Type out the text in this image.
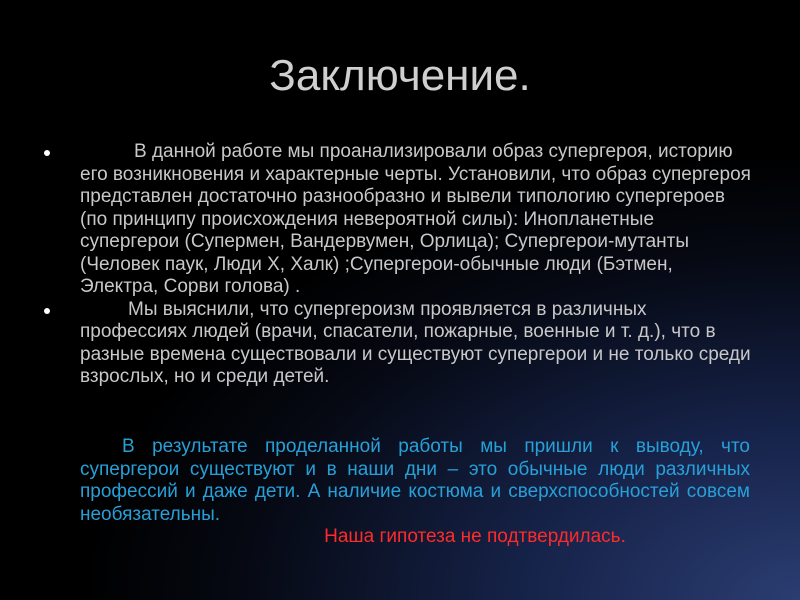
Заключение.
В данной работе мы проанализировали образ супергероя, историю его возникновения и характерные черты. Установили, что образ супергероя представлен достаточно разнообразно и вывели типологию супергероев (по принципу происхождения невероятной силы): Инопланетные супергерои (Супермен, Вандервумен, Орлица); Супергерои-мутанты (Человек паук, Люди Х, Халк) ;Супергерои-обычные люди (Бэтмен, Электра, Сорви голова) .
Мы выяснили, что супергероизм проявляется в различных профессиях людей (врачи, спасатели, пожарные, военные и т. д.), что в разные времена существовали и существуют супергерои и не только среди взрослых, но и среди детей.
В результате проделанной работы мы пришли к выводу, что супергерои существуют и в наши дни – это обычные люди различных профессий и даже дети. А наличие костюма и сверхспособностей совсем необязательны.
Наша гипотеза не подтвердилась.
